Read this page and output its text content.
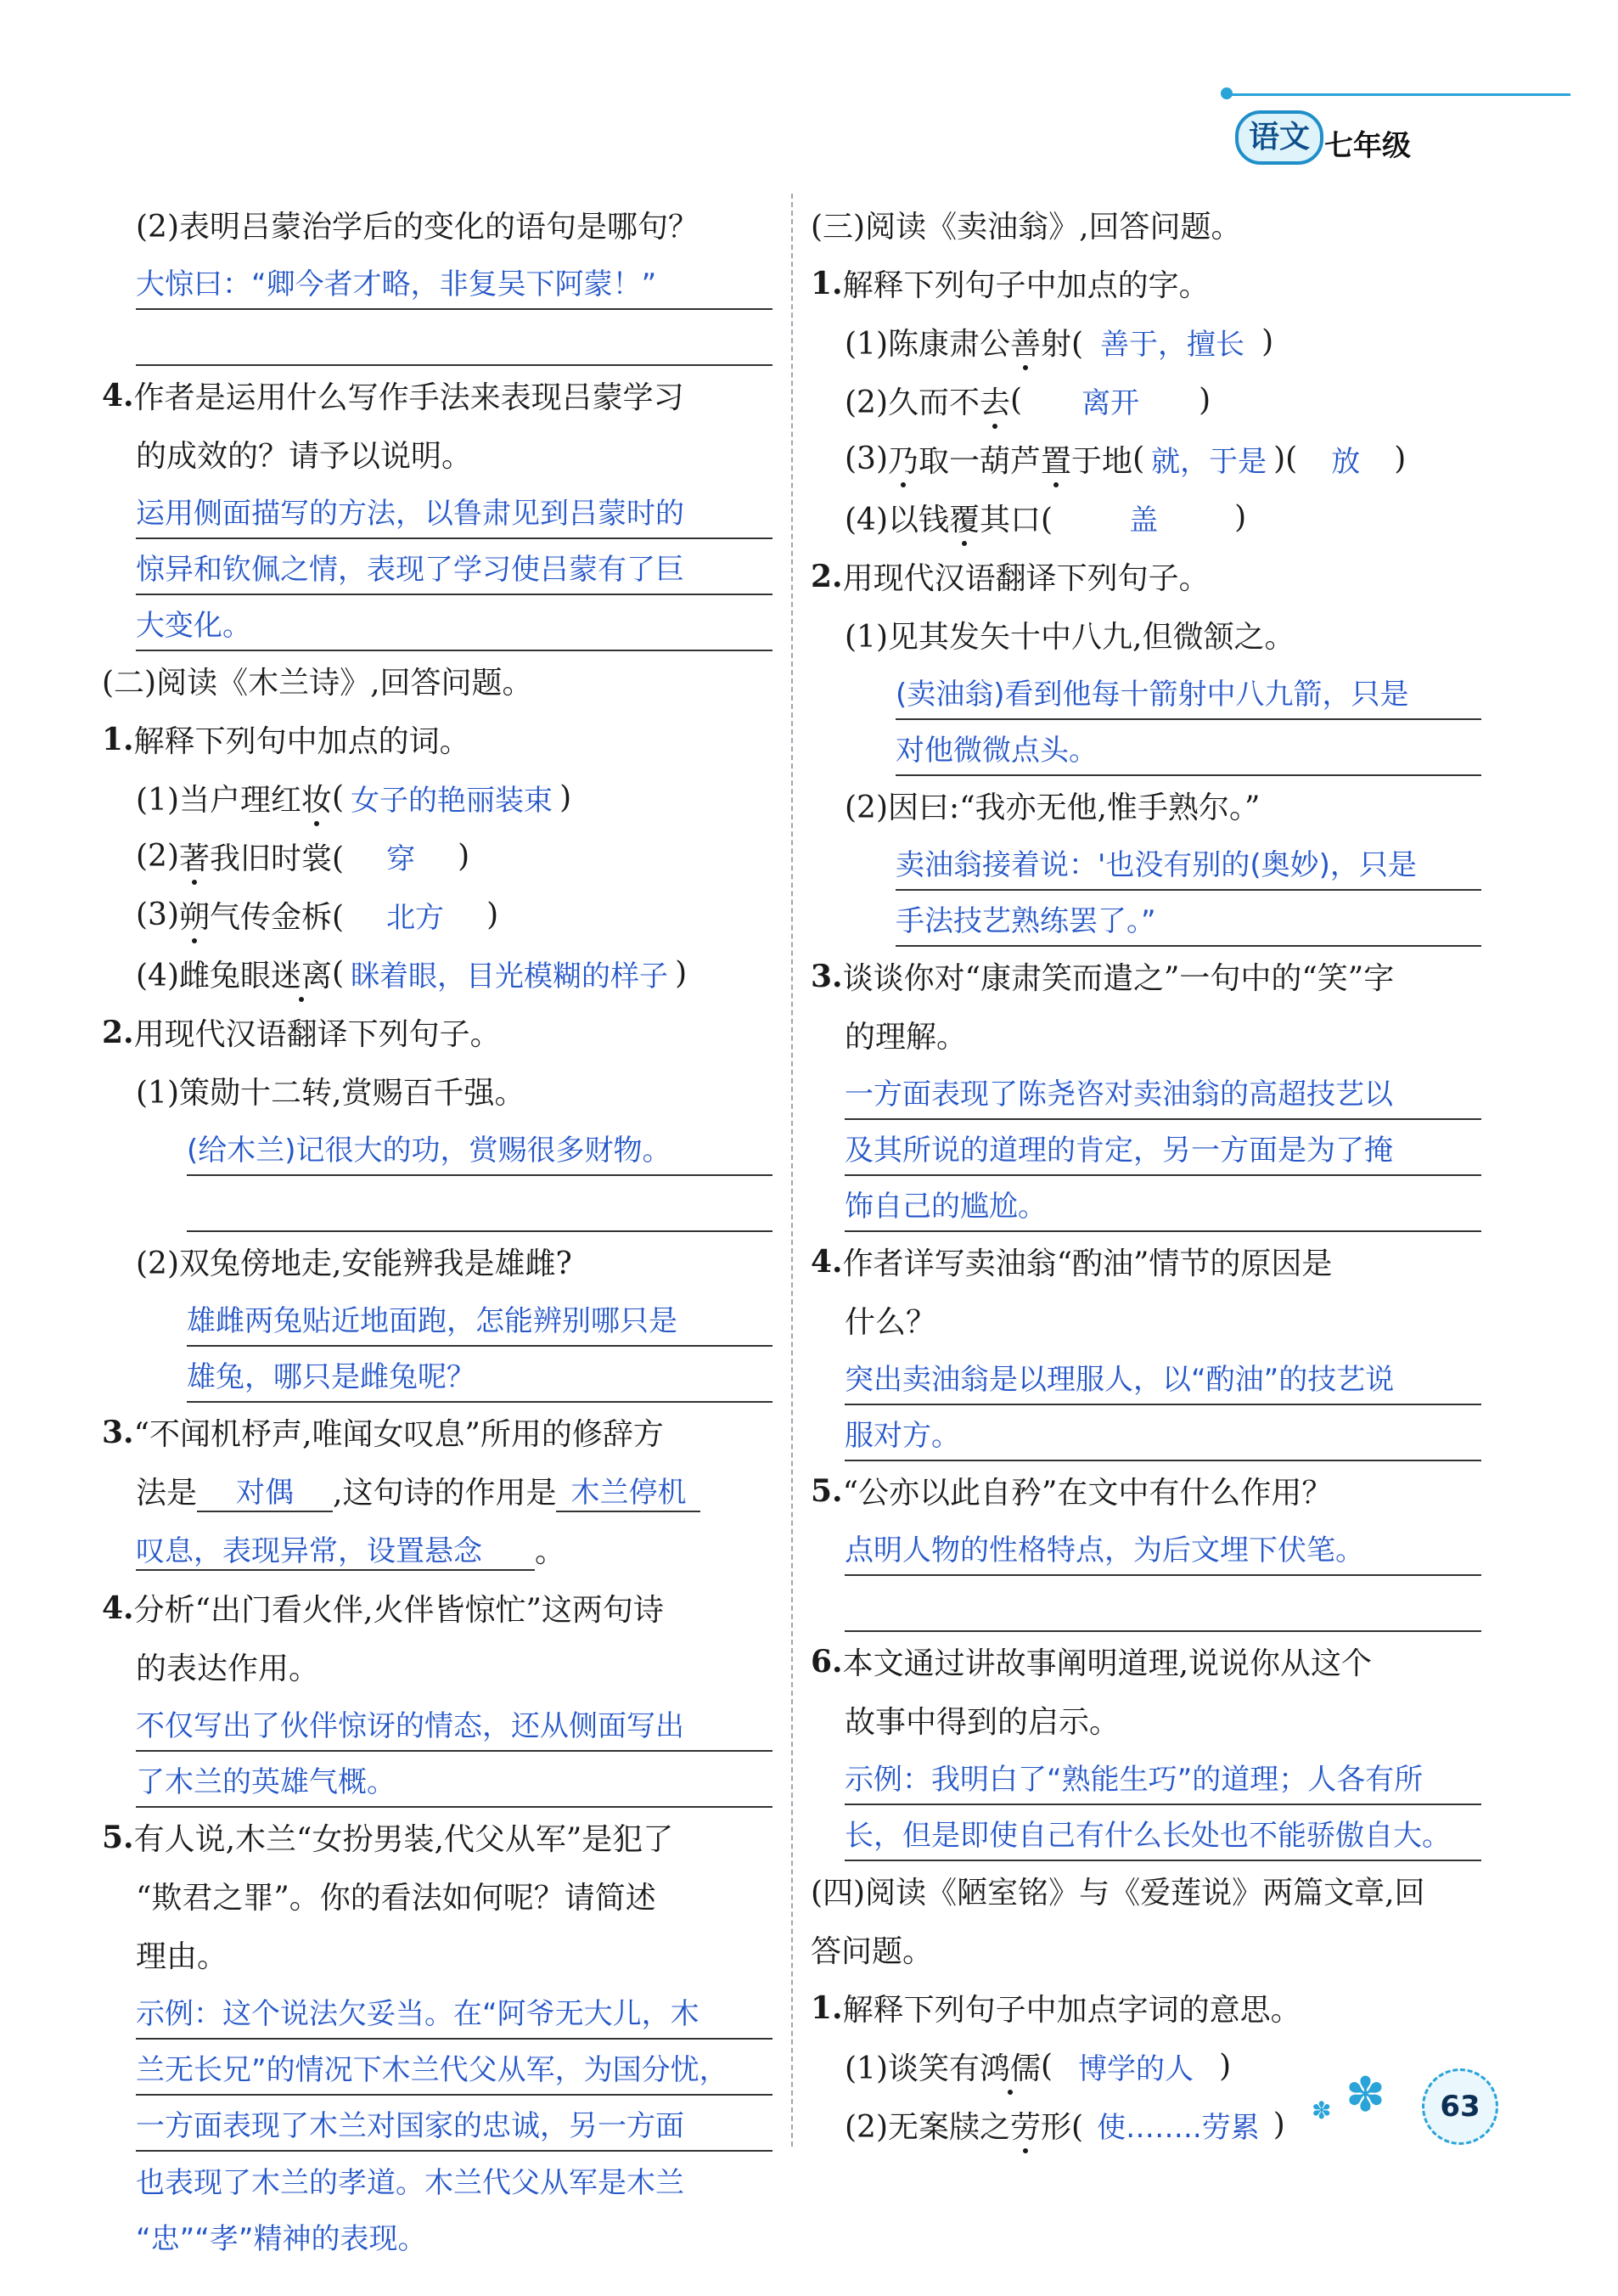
语文 七年级
(2)表明吕蒙治学后的变化的语句是哪句？
大惊曰：“卿今者才略，非复吴下阿蒙！”
4. 作者是运用什么写作手法来表现吕蒙学习
的成效的？请予以说明。
运用侧面描写的方法，以鲁肃见到吕蒙时的
惊异和钦佩之情，表现了学习使吕蒙有了巨
大变化。
(二)阅读《木兰诗》,回答问题。
1. 解释下列句中加点的词。
(1)当户理红 妆 ( 女子的艳丽装束 )
(2) 著 我旧时裳(	穿	)
(3) 朔 气传金柝(	北方	)
(4)雌兔眼 迷离 ( 眯着眼，目光模糊的样子 )
2. 用现代汉语翻译下列句子。
(1)策勋十二转,赏赐百千强。
(给木兰)记很大的功，赏赐很多财物。
(2)双兔傍地走,安能辨我是雄雌?
雄雌两兔贴近地面跑，怎能辨别哪只是
雄兔，哪只是雌兔呢？
3. “不闻机杼声,唯闻女叹息”所用的修辞方
法是	对偶	,这句诗的作用是 木兰停机
叹息，表现异常，设置悬念	。
4. 分析“出门看火伴,火伴皆惊忙”这两句诗
的表达作用。
不仅写出了伙伴惊讶的情态，还从侧面写出
了木兰的英雄气概。
5. 有人说,木兰“女扮男装,代父从军”是犯了
“欺君之罪”。你的看法如何呢？请简述
理由。
示例：这个说法欠妥当。在“阿爷无大儿，木
兰无长兄”的情况下木兰代父从军，为国分忧，
一方面表现了木兰对国家的忠诚，另一方面
也表现了木兰的孝道。木兰代父从军是木兰
“忠”“孝”精神的表现。
(三)阅读《卖油翁》,回答问题。
1. 解释下列句子中加点的字。
(1)陈康肃公 善 射( 善于，擅长 )
(2)久而不 去 (	离开	)
(3) 乃 取一葫芦 置 于地 ( 就，于是 )(	放	)
(4)以钱 覆 其口(	盖	)
2. 用现代汉语翻译下列句子。
(1)见其发矢十中八九,但微颔之。
(卖油翁)看到他每十箭射中八九箭，只是
对他微微点头。
(2)因曰:“我亦无他,惟手熟尔。”
卖油翁接着说：'也没有别的(奥妙)，只是
手法技艺熟练罢了。”
3. 谈谈你对“康肃笑而遣之”一句中的“笑”字
的理解。
一方面表现了陈尧咨对卖油翁的高超技艺以
及其所说的道理的肯定，另一方面是为了掩
饰自己的尴尬。
4. 作者详写卖油翁“酌油”情节的原因是
什么？
突出卖油翁是以理服人，以“酌油”的技艺说
服对方。
5. “公亦以此自矜”在文中有什么作用？
点明人物的性格特点，为后文埋下伏笔。
6. 本文通过讲故事阐明道理,说说你从这个
故事中得到的启示。
示例：我明白了“熟能生巧”的道理；人各有所
长，但是即使自己有什么长处也不能骄傲自大。
(四)阅读《陋室铭》与《爱莲说》两篇文章,回
答问题。
1. 解释下列句子中加点字词的意思。
(1)谈笑有 鸿儒 ( 博学的人 )
(2)无案牍之 劳 形( 使……..劳累 ) ✽ ✽	63
